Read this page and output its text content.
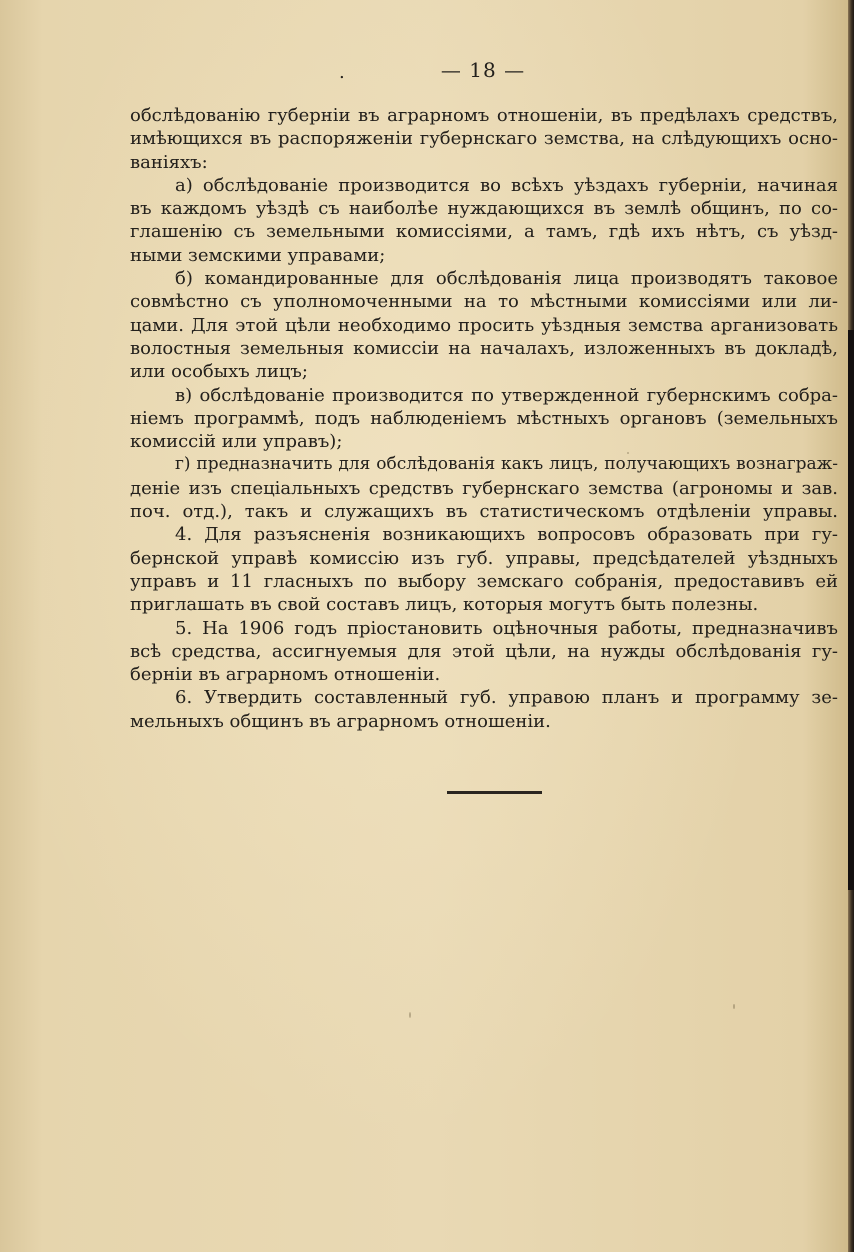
.	— 18 —
обслѣдованію губерніи въ аграрномъ отношеніи, въ предѣлахъ средствъ,
имѣющихся въ распоряженіи губернскаго земства, на слѣдующихъ осно-
ваніяхъ:
а) обслѣдованіе производится во всѣхъ уѣздахъ губерніи, начиная
въ каждомъ уѣздѣ съ наиболѣе нуждающихся въ землѣ общинъ, по со-
глашенію съ земельными комиссіями, а тамъ, гдѣ ихъ нѣтъ, съ уѣзд-
ными земскими управами;
б) командированные для обслѣдованія лица производятъ таковое
совмѣстно съ уполномоченными на то мѣстными комиссіями или ли-
цами. Для этой цѣли необходимо просить уѣздныя земства арганизовать
волостныя земельныя комиссіи на началахъ, изложенныхъ въ докладѣ,
или особыхъ лицъ;
в) обслѣдованіе производится по утвержденной губернскимъ собра-
ніемъ программѣ, подъ наблюденіемъ мѣстныхъ органовъ (земельныхъ
комиссій или управъ);
г) предназначить для обслѣдованія какъ лицъ, получающихъ вознаграж-
деніе изъ спеціальныхъ средствъ губернскаго земства (агрономы и зав.
поч. отд.), такъ и служащихъ въ статистическомъ отдѣленіи управы.
4. Для разъясненія возникающихъ вопросовъ образовать при гу-
бернской управѣ комиссію изъ губ. управы, предсѣдателей уѣздныхъ
управъ и 11 гласныхъ по выбору земскаго собранія, предоставивъ ей
приглашать въ свой составъ лицъ, которыя могутъ быть полезны.
5. На 1906 годъ пріостановить оцѣночныя работы, предназначивъ
всѣ средства, ассигнуемыя для этой цѣли, на нужды обслѣдованія гу-
берніи въ аграрномъ отношеніи.
6. Утвердить составленный губ. управою планъ и программу зе-
мельныхъ общинъ въ аграрномъ отношеніи.
